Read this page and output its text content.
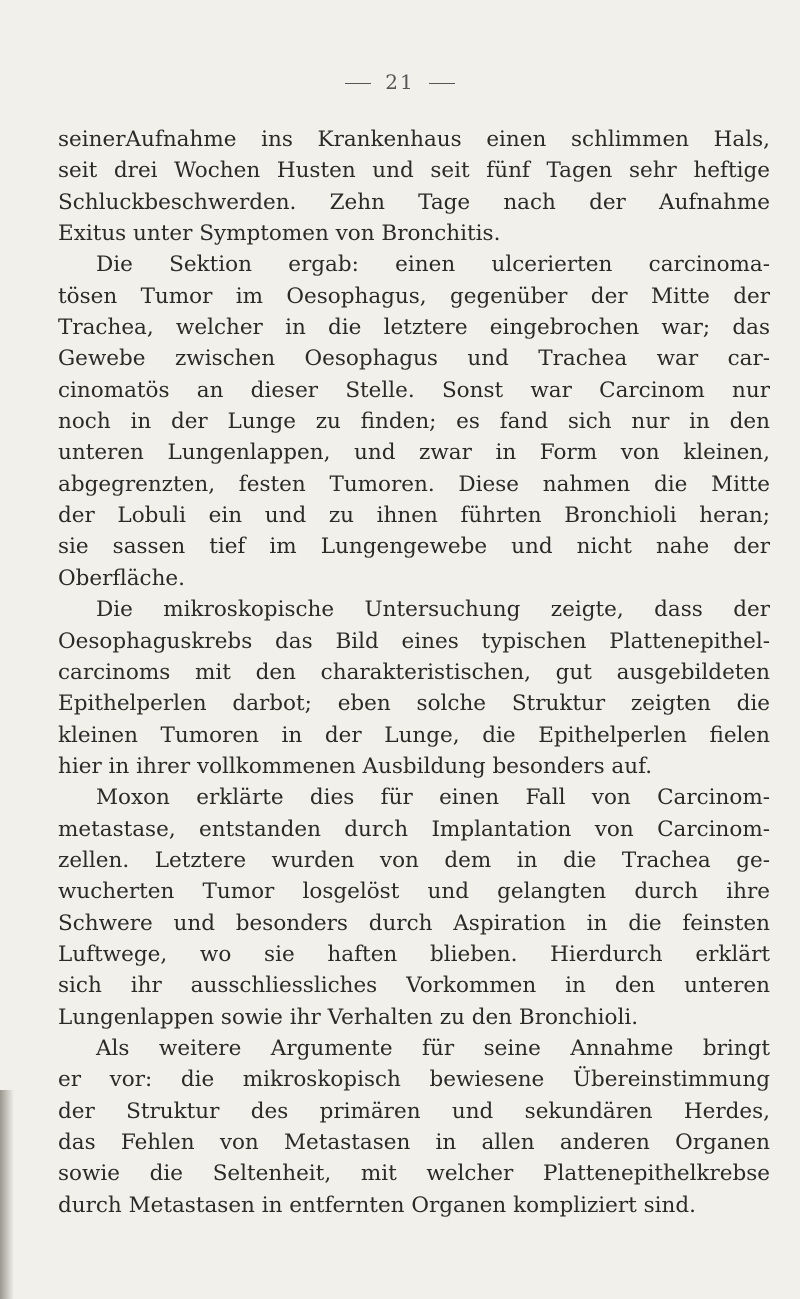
21
seinerAufnahme ins Krankenhaus einen schlimmen Hals,
seit drei Wochen Husten und seit fünf Tagen sehr heftige
Schluckbeschwerden. Zehn Tage nach der Aufnahme
Exitus unter Symptomen von Bronchitis.
Die Sektion ergab: einen ulcerierten carcinoma-
tösen Tumor im Oesophagus, gegenüber der Mitte der
Trachea, welcher in die letztere eingebrochen war; das
Gewebe zwischen Oesophagus und Trachea war car-
cinomatös an dieser Stelle. Sonst war Carcinom nur
noch in der Lunge zu finden; es fand sich nur in den
unteren Lungenlappen, und zwar in Form von kleinen,
abgegrenzten, festen Tumoren. Diese nahmen die Mitte
der Lobuli ein und zu ihnen führten Bronchioli heran;
sie sassen tief im Lungengewebe und nicht nahe der
Oberfläche.
Die mikroskopische Untersuchung zeigte, dass der
Oesophaguskrebs das Bild eines typischen Plattenepithel-
carcinoms mit den charakteristischen, gut ausgebildeten
Epithelperlen darbot; eben solche Struktur zeigten die
kleinen Tumoren in der Lunge, die Epithelperlen fielen
hier in ihrer vollkommenen Ausbildung besonders auf.
Moxon erklärte dies für einen Fall von Carcinom-
metastase, entstanden durch Implantation von Carcinom-
zellen. Letztere wurden von dem in die Trachea ge-
wucherten Tumor losgelöst und gelangten durch ihre
Schwere und besonders durch Aspiration in die feinsten
Luftwege, wo sie haften blieben. Hierdurch erklärt
sich ihr ausschliessliches Vorkommen in den unteren
Lungenlappen sowie ihr Verhalten zu den Bronchioli.
Als weitere Argumente für seine Annahme bringt
er vor: die mikroskopisch bewiesene Übereinstimmung
der Struktur des primären und sekundären Herdes,
das Fehlen von Metastasen in allen anderen Organen
sowie die Seltenheit, mit welcher Plattenepithelkrebse
durch Metastasen in entfernten Organen kompliziert sind.
